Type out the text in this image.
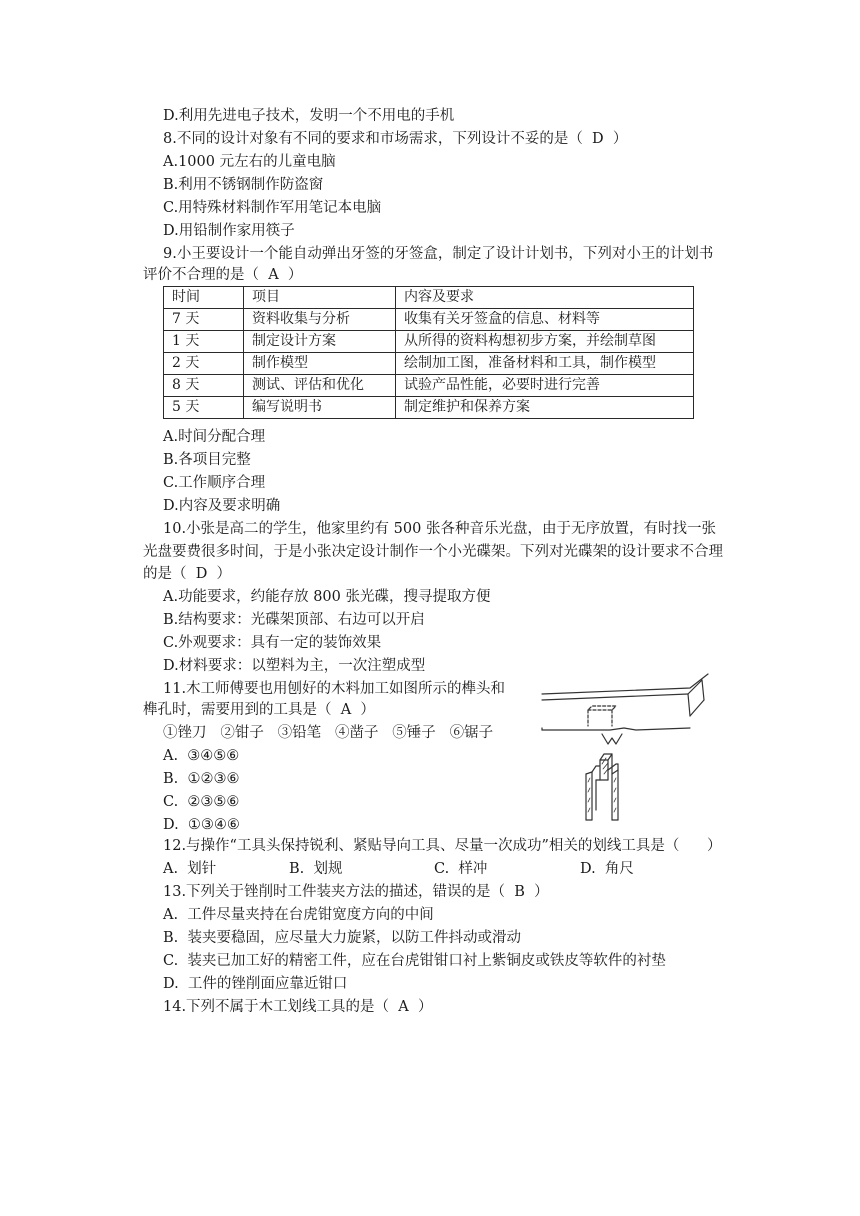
D.利用先进电子技术，发明一个不用电的手机
8.不同的设计对象有不同的要求和市场需求，下列设计不妥的是（  D  ）
A.1000 元左右的儿童电脑
B.利用不锈钢制作防盗窗
C.用特殊材料制作军用笔记本电脑
D.用铅制作家用筷子
9.小王要设计一个能自动弹出牙签的牙签盒，制定了设计计划书，下列对小王的计划书
评价不合理的是（  A  ）
时间	项目	内容及要求
7 天	资料收集与分析	收集有关牙签盒的信息、材料等
1 天	制定设计方案	从所得的资料构想初步方案，并绘制草图
2 天	制作模型	绘制加工图，准备材料和工具，制作模型
8 天	测试、评估和优化	试验产品性能，必要时进行完善
5 天	编写说明书	制定维护和保养方案
A.时间分配合理
B.各项目完整
C.工作顺序合理
D.内容及要求明确
10.小张是高二的学生，他家里约有 500 张各种音乐光盘，由于无序放置，有时找一张
光盘要费很多时间，于是小张决定设计制作一个小光碟架。下列对光碟架的设计要求不合理
的是（  D  ）
A.功能要求，约能存放 800 张光碟，搜寻提取方便
B.结构要求：光碟架顶部、右边可以开启
C.外观要求：具有一定的装饰效果
D.材料要求：以塑料为主，一次注塑成型
11.木工师傅要也用刨好的木料加工如图所示的榫头和
榫孔时，需要用到的工具是（  A  ）
①锉刀   ②钳子   ③铅笔   ④凿子   ⑤锤子   ⑥锯子
A.  ③④⑤⑥
B.  ①②③⑥
C.  ②③⑤⑥
D.  ①③④⑥
12.与操作“工具头保持锐利、紧贴导向工具、尽量一次成功”相关的划线工具是（      ）
A.  划针	B.  划规	C.  样冲	D.  角尺
13.下列关于锉削时工件装夹方法的描述，错误的是（  B  ）
A.  工件尽量夹持在台虎钳宽度方向的中间
B.  装夹要稳固，应尽量大力旋紧，以防工件抖动或滑动
C.  装夹已加工好的精密工件，应在台虎钳钳口衬上紫铜皮或铁皮等软件的衬垫
D.  工件的锉削面应靠近钳口
14.下列不属于木工划线工具的是（  A  ）
